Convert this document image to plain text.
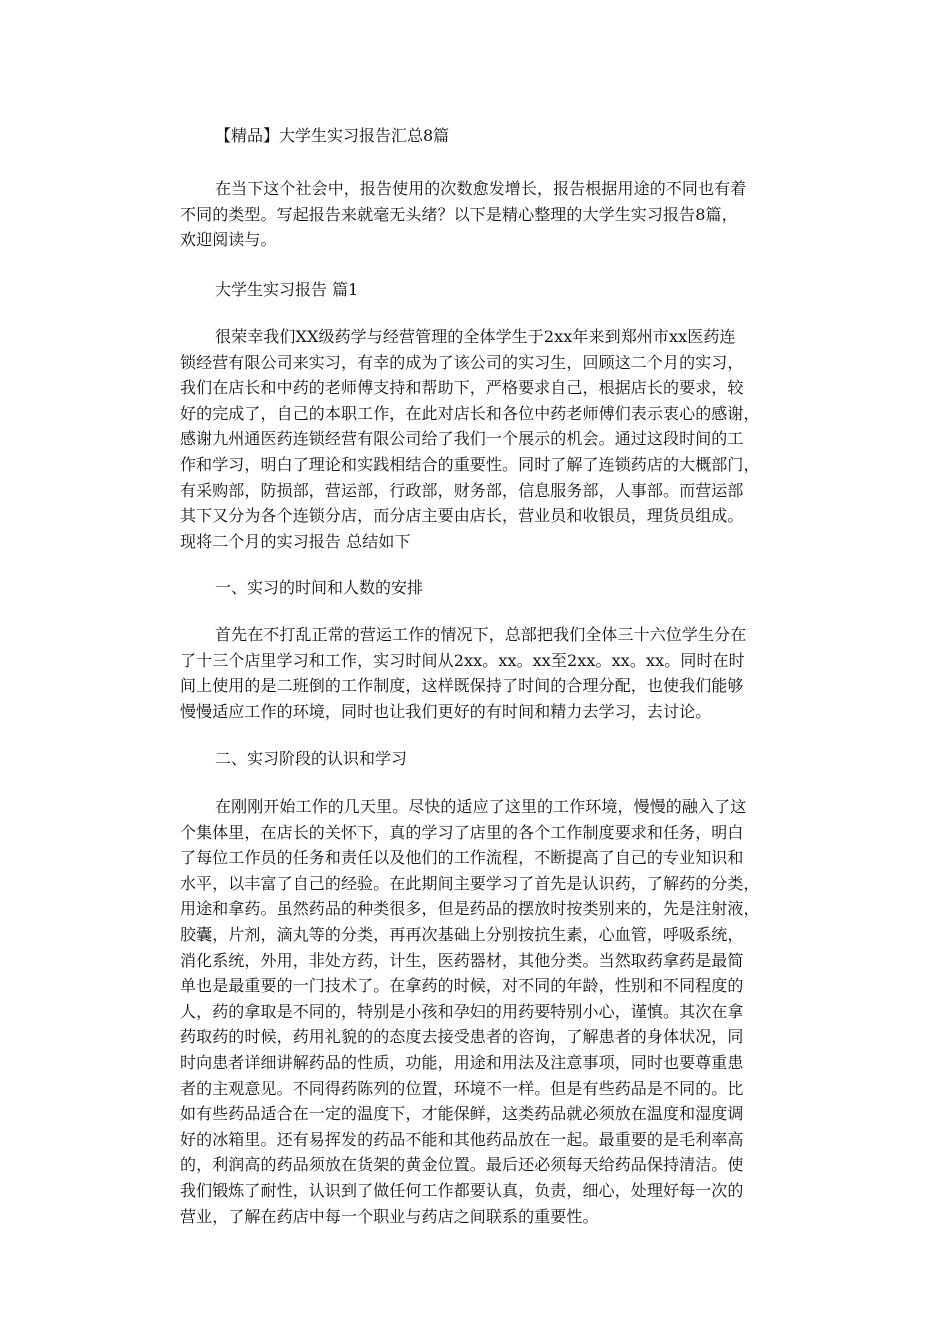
【精品】大学生实习报告汇总8篇
在当下这个社会中，报告使用的次数愈发增长，报告根据用途的不同也有着
不同的类型。写起报告来就毫无头绪？以下是精心整理的大学生实习报告8篇，
欢迎阅读与。
大学生实习报告 篇1
很荣幸我们XX级药学与经营管理的全体学生于2xx年来到郑州市xx医药连
锁经营有限公司来实习，有幸的成为了该公司的实习生，回顾这二个月的实习，
我们在店长和中药的老师傅支持和帮助下，严格要求自己，根据店长的要求，较
好的完成了，自己的本职工作，在此对店长和各位中药老师傅们表示衷心的感谢，
感谢九州通医药连锁经营有限公司给了我们一个展示的机会。通过这段时间的工
作和学习，明白了理论和实践相结合的重要性。同时了解了连锁药店的大概部门，
有采购部，防损部，营运部，行政部，财务部，信息服务部，人事部。而营运部
其下又分为各个连锁分店，而分店主要由店长，营业员和收银员，理货员组成。
现将二个月的实习报告 总结如下
一、实习的时间和人数的安排
首先在不打乱正常的营运工作的情况下，总部把我们全体三十六位学生分在
了十三个店里学习和工作，实习时间从2xx。xx。xx至2xx。xx。xx。同时在时
间上使用的是二班倒的工作制度，这样既保持了时间的合理分配，也使我们能够
慢慢适应工作的环境，同时也让我们更好的有时间和精力去学习，去讨论。
二、实习阶段的认识和学习
在刚刚开始工作的几天里。尽快的适应了这里的工作环境，慢慢的融入了这
个集体里，在店长的关怀下，真的学习了店里的各个工作制度要求和任务，明白
了每位工作员的任务和责任以及他们的工作流程，不断提高了自己的专业知识和
水平，以丰富了自己的经验。在此期间主要学习了首先是认识药，了解药的分类，
用途和拿药。虽然药品的种类很多，但是药品的摆放时按类别来的，先是注射液，
胶囊，片剂，滴丸等的分类，再再次基础上分别按抗生素，心血管，呼吸系统，
消化系统，外用，非处方药，计生，医药器材，其他分类。当然取药拿药是最简
单也是最重要的一门技术了。在拿药的时候，对不同的年龄，性别和不同程度的
人，药的拿取是不同的，特别是小孩和孕妇的用药要特别小心，谨慎。其次在拿
药取药的时候，药用礼貌的的态度去接受患者的咨询，了解患者的身体状况，同
时向患者详细讲解药品的性质，功能，用途和用法及注意事项，同时也要尊重患
者的主观意见。不同得药陈列的位置，环境不一样。但是有些药品是不同的。比
如有些药品适合在一定的温度下，才能保鲜，这类药品就必须放在温度和湿度调
好的冰箱里。还有易挥发的药品不能和其他药品放在一起。最重要的是毛利率高
的，利润高的药品须放在货架的黄金位置。最后还必须每天给药品保持清洁。使
我们锻炼了耐性，认识到了做任何工作都要认真，负责，细心，处理好每一次的
营业，了解在药店中每一个职业与药店之间联系的重要性。
